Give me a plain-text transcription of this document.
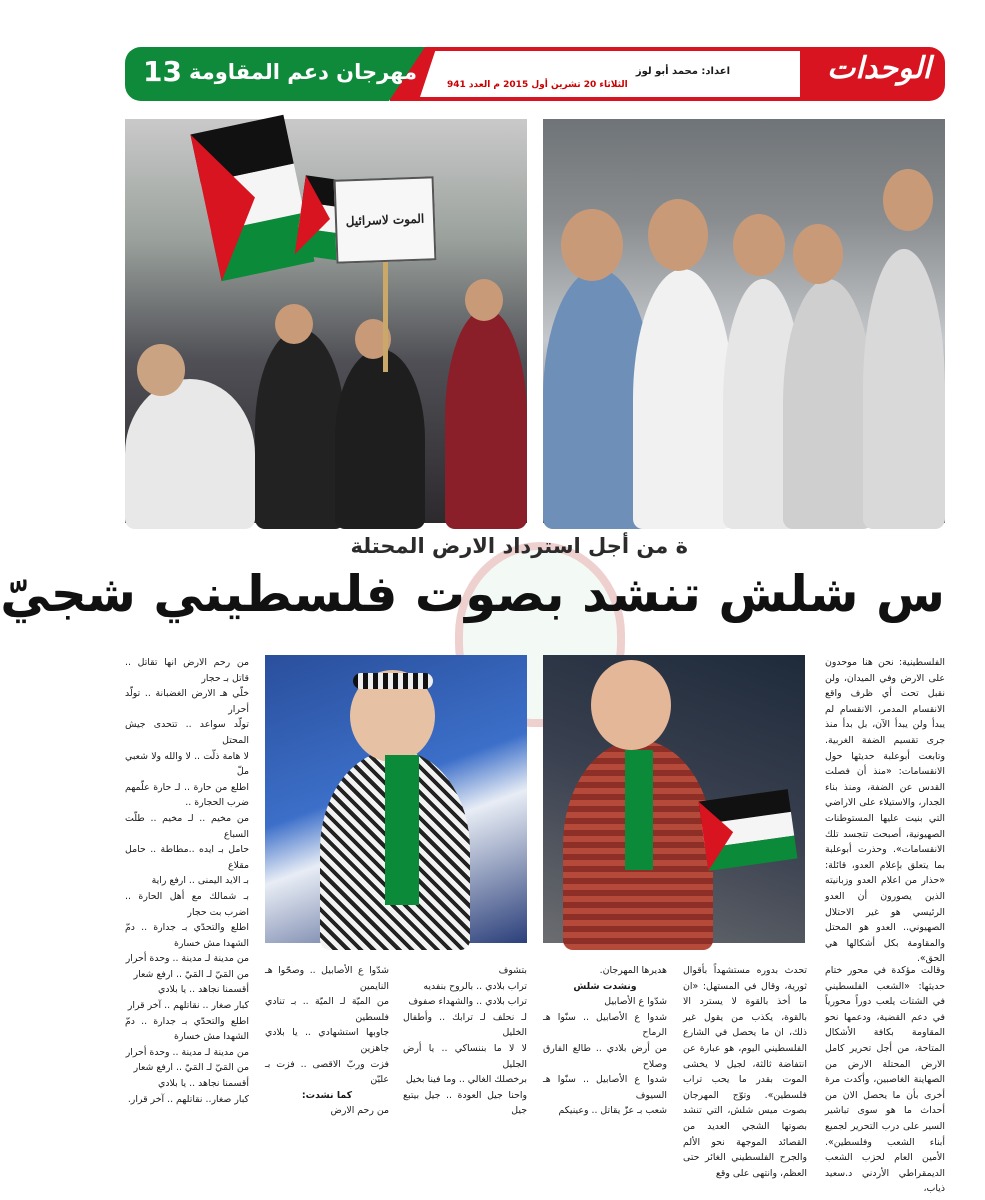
الوحدات
اعداد: محمد أبو لوز
الثلاثاء 20 تشرين أول 2015 م العدد 941
مهرجان دعم المقاومة
13
الموت لاسرائيل
ة من أجل استرداد الارض المحتلة
س شلش تنشد بصوت فلسطيني شجيّ

الفلسطينية: نحن هنا موحدون على الارض وفي الميدان، ولن نقبل تحت أي ظرف واقع الانقسام المدمر، الانقسام لم يبدأ ولن يبدأ الآن، بل بدأ منذ جرى تقسيم الضفة الغربية. وتابعت أبوعلبة حديثها حول الانقسامات: «منذ أن فصلت القدس عن الضفة، ومنذ بناء الجدار، والاستيلاء على الاراضي التي بنيت عليها المستوطنات الصهيونية، أصبحت تتجسد تلك الانقسامات». وحذرت أبوعلبة بما يتعلق بإعلام العدو، قائلة: «حذار من اعلام العدو وزبانيته الذين يصورون أن العدو الرئيسي هو غير الاحتلال الصهيوني.. العدو هو المحتل والمقاومة بكل أشكالها هي الحق».

وقالت مؤكدة في محور ختام حديثها: «الشعب الفلسطيني في الشتات يلعب دوراً محورياً في دعم القضية، ودعمها نحو المقاومة بكافة الأشكال المتاحة، من أجل تحرير كامل الارض المحتلة الارض من الصهاينة الغاصبين، وأكدت مرة أخرى بأن ما يحصل الان من أحداث ما هو سوى تباشير السير على درب التحرير لجميع أبناء الشعب وفلسطين». الأمين العام لحزب الشعب الديمقراطي الأردني د.سعيد ذياب،

تحدث بدوره مستشهداً بأقوال ثورية، وقال في المستهل: «ان ما أخذ بالقوة لا يسترد الا بالقوة، يكذب من يقول غير ذلك، ان ما يحصل في الشارع الفلسطيني اليوم، هو عبارة عن انتفاضة ثالثة، لجيل لا يخشى الموت بقدر ما يحب تراب فلسطين». وتوّج المهرجان بصوت ميس شلش، التي تنشد بصوتها الشجي العديد من القصائد الموجهة نحو الألم والجرح الفلسطيني الغائر حتى العظم، وانتهى على وقع

هديرها المهرجان.

ونشدت شلش

شدّوا ع الأصابيل

شدوا ع الأصابيل .. سنّوا هـ الرماح

من أرض بلادي .. طالع الفارق وصلاح

شدوا ع الأصابيل .. سنّوا هـ السيوف

شعب بـ عزّ يقاتل .. وعينيكم

بتشوف

تراب بلادي .. بالروح بنفديه

تراب بلادي .. والشهداء صفوف

لـ نحلف لـ ترابك .. وأطفال الخليل

لا لا ما بننساكي .. يا أرض الجليل

برخصلك الغالي .. وما فينا بخيل

واحنا جيل العودة .. جيل بيتبع جيل

شدّوا ع الأصابيل .. وصحّوا هـ النايمين

من الميّة لـ الميّة .. بـ تنادي فلسطين

جاوبها استشهادي .. يا بلادي جاهزين

فزت وربّ الاقصى .. فزت بـ عليّن

كما نشدت:

من رحم الارض

من رحم الارض انها تقاتل .. قاتل بـ حجار

خلّي هـ الارض الغضبانة .. تولّد أحرار

تولّد سواعد .. تتحدى جيش المحتل

لا هامة ذلّت .. لا والله ولا شعبي ملّ

اطلع من حارة .. لـ حارة علّمهم ضرب الحجارة ..

من مخيم .. لـ مخيم .. طلّت السباع

حامل بـ ايده ..مطاطة .. حامل مقلاع

بـ الايد اليمنى .. ارفع راية

بـ شمالك مع أهل الحارة .. اضرب بت حجار

اطلع والتحدّي بـ جدارة .. دمّ الشهدا مش خسارة

من مدينة لـ مدينة .. وحدة أحرار

من المَيّ لـ المَيّ .. ارفع شعار

أقسمنا نجاهد .. يا بلادي

كبار صغار .. نقاتلهم .. آخر قرار

اطلع والتحدّي بـ جدارة .. دمّ الشهدا مش خسارة

من مدينة لـ مدينة .. وحدة أحرار

من المَيّ لـ المَيّ .. ارفع شعار

أقسمنا نجاهد .. يا بلادي

كبار صغار.. نقاتلهم .. آخر قرار.
